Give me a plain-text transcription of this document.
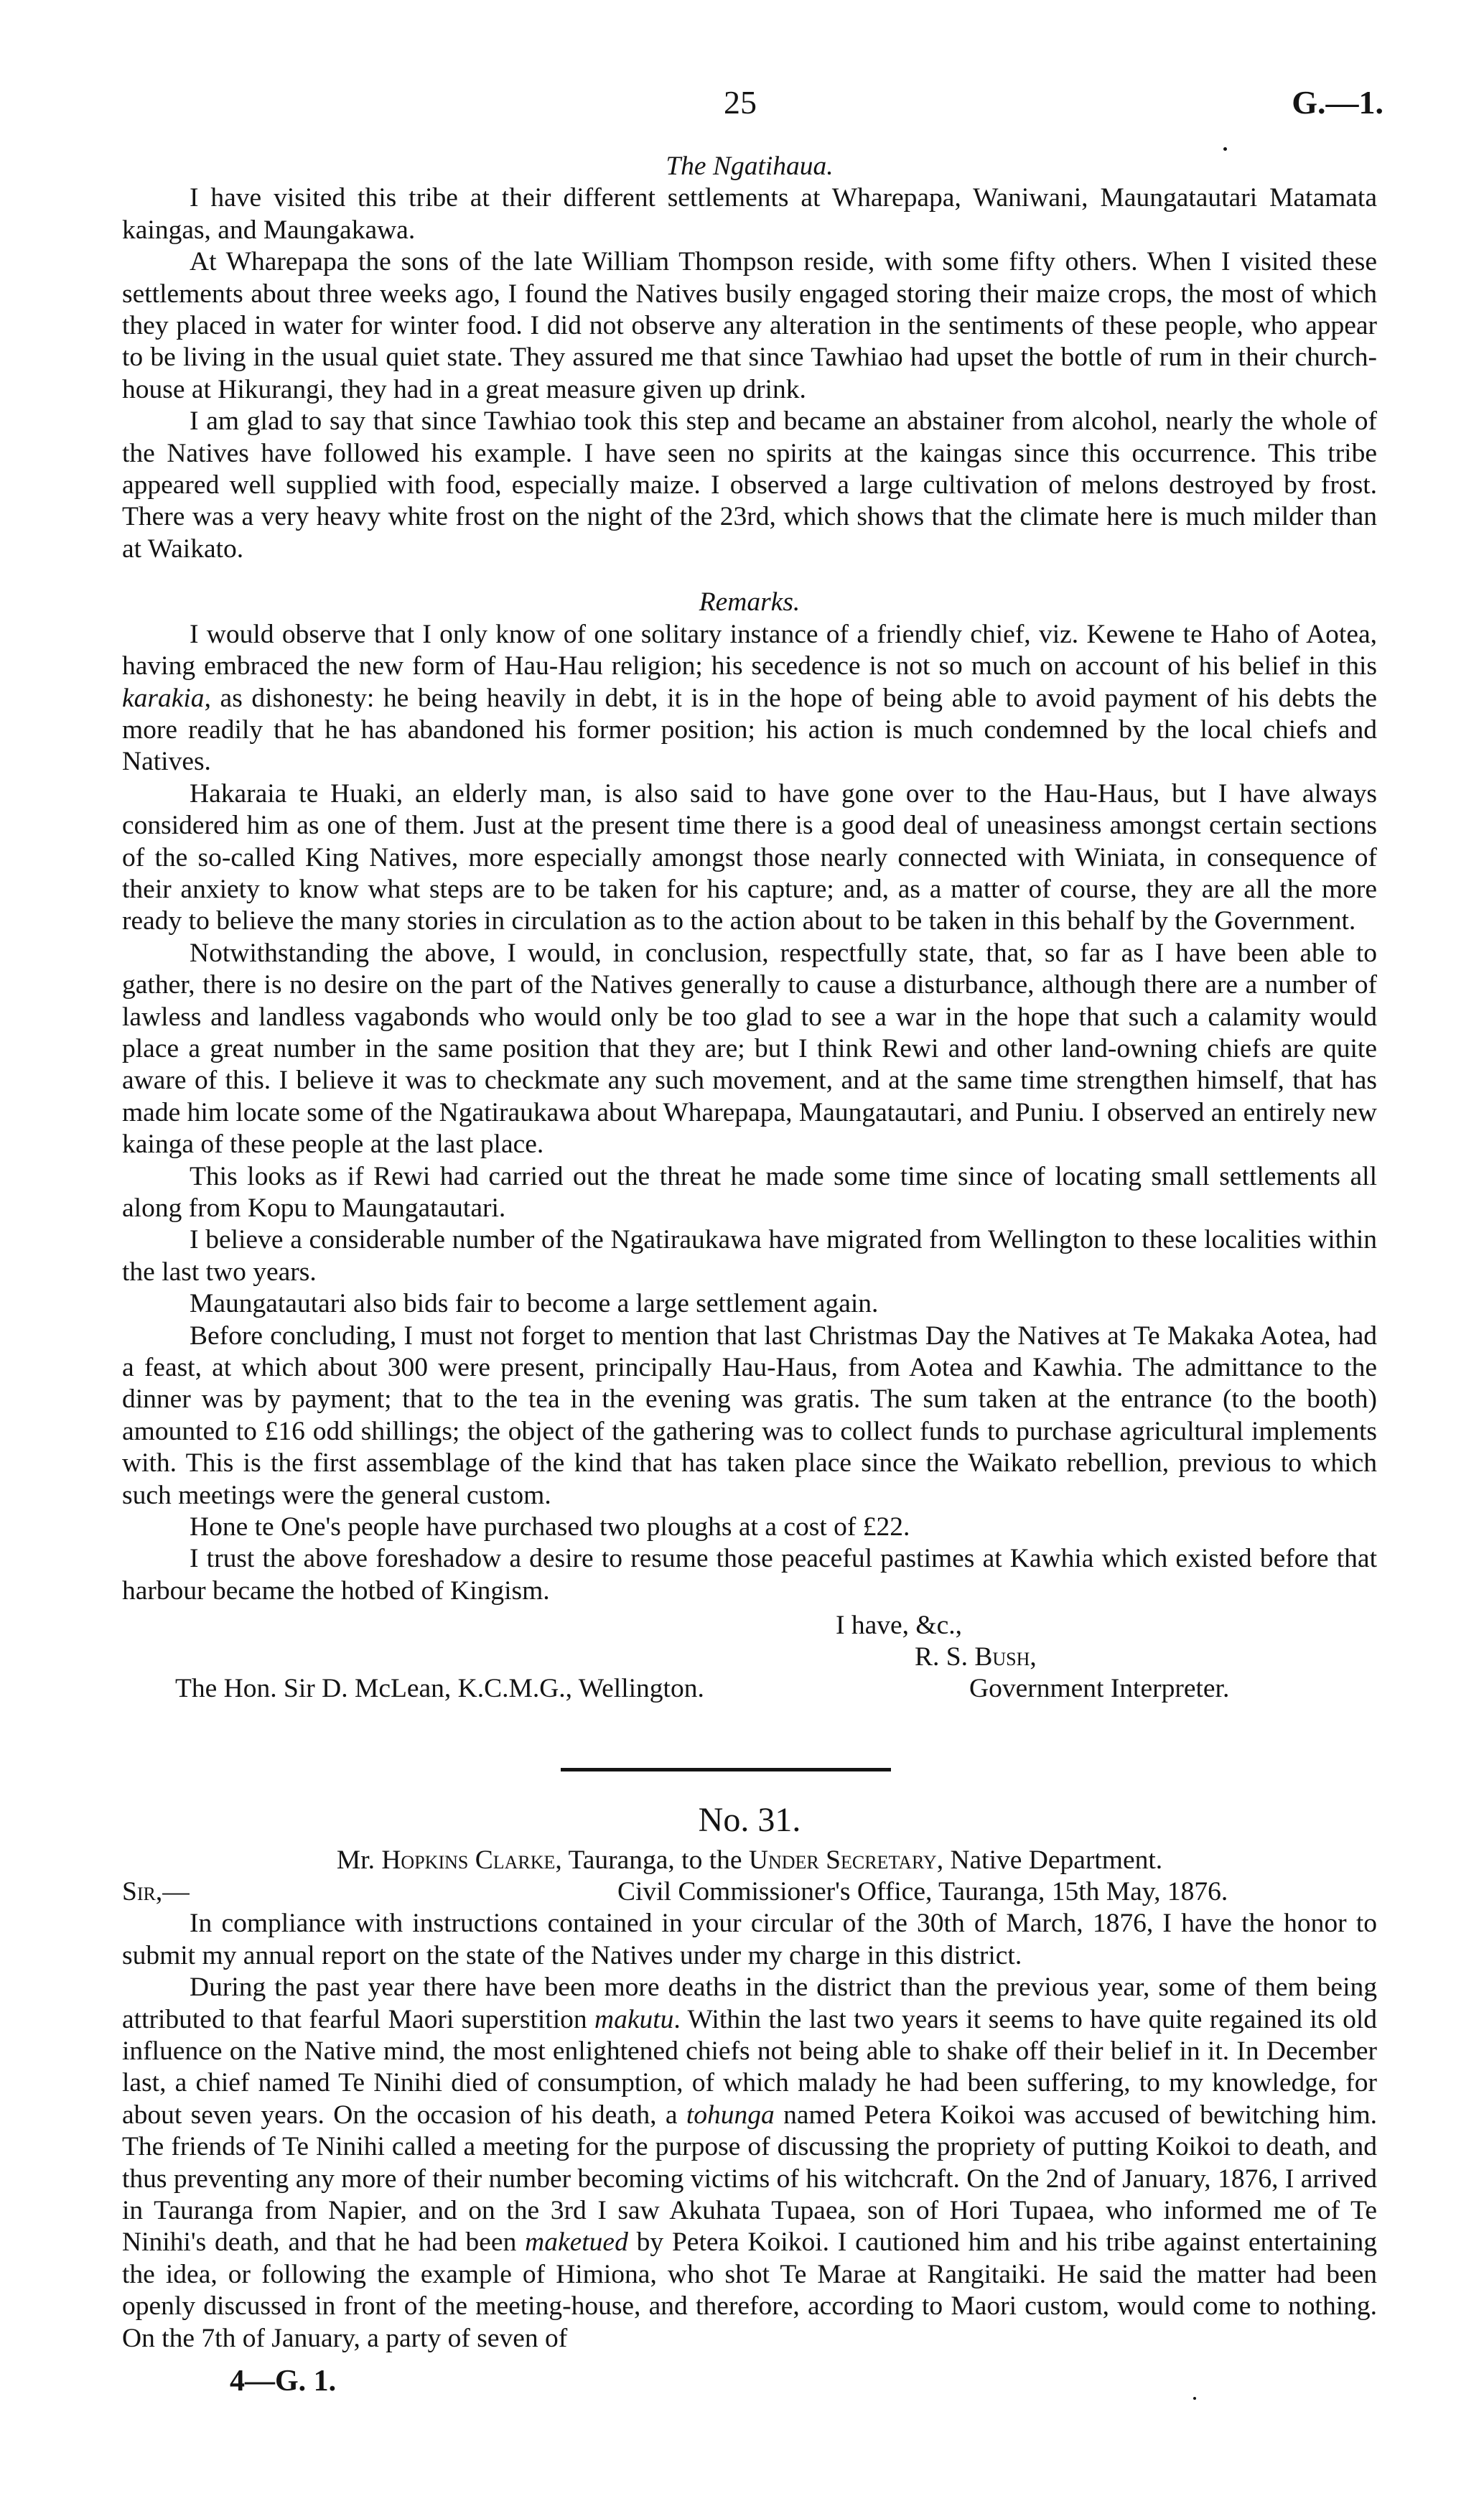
25	G.—1.
The Ngatihaua.

I have visited this tribe at their different settlements at Wharepapa, Waniwani, Maungatautari Matamata kaingas, and Maungakawa.

At Wharepapa the sons of the late William Thompson reside, with some fifty others. When I visited these settlements about three weeks ago, I found the Natives busily engaged storing their maize crops, the most of which they placed in water for winter food. I did not observe any alteration in the sentiments of these people, who appear to be living in the usual quiet state. They assured me that since Tawhiao had upset the bottle of rum in their church-house at Hikurangi, they had in a great measure given up drink.

I am glad to say that since Tawhiao took this step and became an abstainer from alcohol, nearly the whole of the Natives have followed his example. I have seen no spirits at the kaingas since this occurrence. This tribe appeared well supplied with food, especially maize. I observed a large cultivation of melons destroyed by frost. There was a very heavy white frost on the night of the 23rd, which shows that the climate here is much milder than at Waikato.

Remarks.

I would observe that I only know of one solitary instance of a friendly chief, viz. Kewene te Haho of Aotea, having embraced the new form of Hau-Hau religion; his secedence is not so much on account of his belief in this karakia, as dishonesty: he being heavily in debt, it is in the hope of being able to avoid payment of his debts the more readily that he has abandoned his former position; his action is much condemned by the local chiefs and Natives.

Hakaraia te Huaki, an elderly man, is also said to have gone over to the Hau-Haus, but I have always considered him as one of them. Just at the present time there is a good deal of uneasiness amongst certain sections of the so-called King Natives, more especially amongst those nearly connected with Winiata, in consequence of their anxiety to know what steps are to be taken for his capture; and, as a matter of course, they are all the more ready to believe the many stories in circulation as to the action about to be taken in this behalf by the Government.

Notwithstanding the above, I would, in conclusion, respectfully state, that, so far as I have been able to gather, there is no desire on the part of the Natives generally to cause a disturbance, although there are a number of lawless and landless vagabonds who would only be too glad to see a war in the hope that such a calamity would place a great number in the same position that they are; but I think Rewi and other land-owning chiefs are quite aware of this. I believe it was to checkmate any such movement, and at the same time strengthen himself, that has made him locate some of the Ngatiraukawa about Wharepapa, Maungatautari, and Puniu. I observed an entirely new kainga of these people at the last place.

This looks as if Rewi had carried out the threat he made some time since of locating small settlements all along from Kopu to Maungatautari.

I believe a considerable number of the Ngatiraukawa have migrated from Wellington to these localities within the last two years.

Maungatautari also bids fair to become a large settlement again.

Before concluding, I must not forget to mention that last Christmas Day the Natives at Te Makaka Aotea, had a feast, at which about 300 were present, principally Hau-Haus, from Aotea and Kawhia. The admittance to the dinner was by payment; that to the tea in the evening was gratis. The sum taken at the entrance (to the booth) amounted to £16 odd shillings; the object of the gathering was to collect funds to purchase agricultural implements with. This is the first assemblage of the kind that has taken place since the Waikato rebellion, previous to which such meetings were the general custom.

Hone te One's people have purchased two ploughs at a cost of £22.

I trust the above foreshadow a desire to resume those peaceful pastimes at Kawhia which existed before that harbour became the hotbed of Kingism.

I have, &c.,
R. S. Bush,
The Hon. Sir D. McLean, K.C.M.G., Wellington.	Government Interpreter.
No. 31.

Mr. Hopkins Clarke, Tauranga, to the Under Secretary, Native Department.

Sir,—	Civil Commissioner's Office, Tauranga, 15th May, 1876.

In compliance with instructions contained in your circular of the 30th of March, 1876, I have the honor to submit my annual report on the state of the Natives under my charge in this district.

During the past year there have been more deaths in the district than the previous year, some of them being attributed to that fearful Maori superstition makutu. Within the last two years it seems to have quite regained its old influence on the Native mind, the most enlightened chiefs not being able to shake off their belief in it. In December last, a chief named Te Ninihi died of consumption, of which malady he had been suffering, to my knowledge, for about seven years. On the occasion of his death, a tohunga named Petera Koikoi was accused of bewitching him. The friends of Te Ninihi called a meeting for the purpose of discussing the propriety of putting Koikoi to death, and thus preventing any more of their number becoming victims of his witchcraft. On the 2nd of January, 1876, I arrived in Tauranga from Napier, and on the 3rd I saw Akuhata Tupaea, son of Hori Tupaea, who informed me of Te Ninihi's death, and that he had been maketued by Petera Koikoi. I cautioned him and his tribe against entertaining the idea, or following the example of Himiona, who shot Te Marae at Rangitaiki. He said the matter had been openly discussed in front of the meeting-house, and therefore, according to Maori custom, would come to nothing. On the 7th of January, a party of seven of

4—G. 1.
